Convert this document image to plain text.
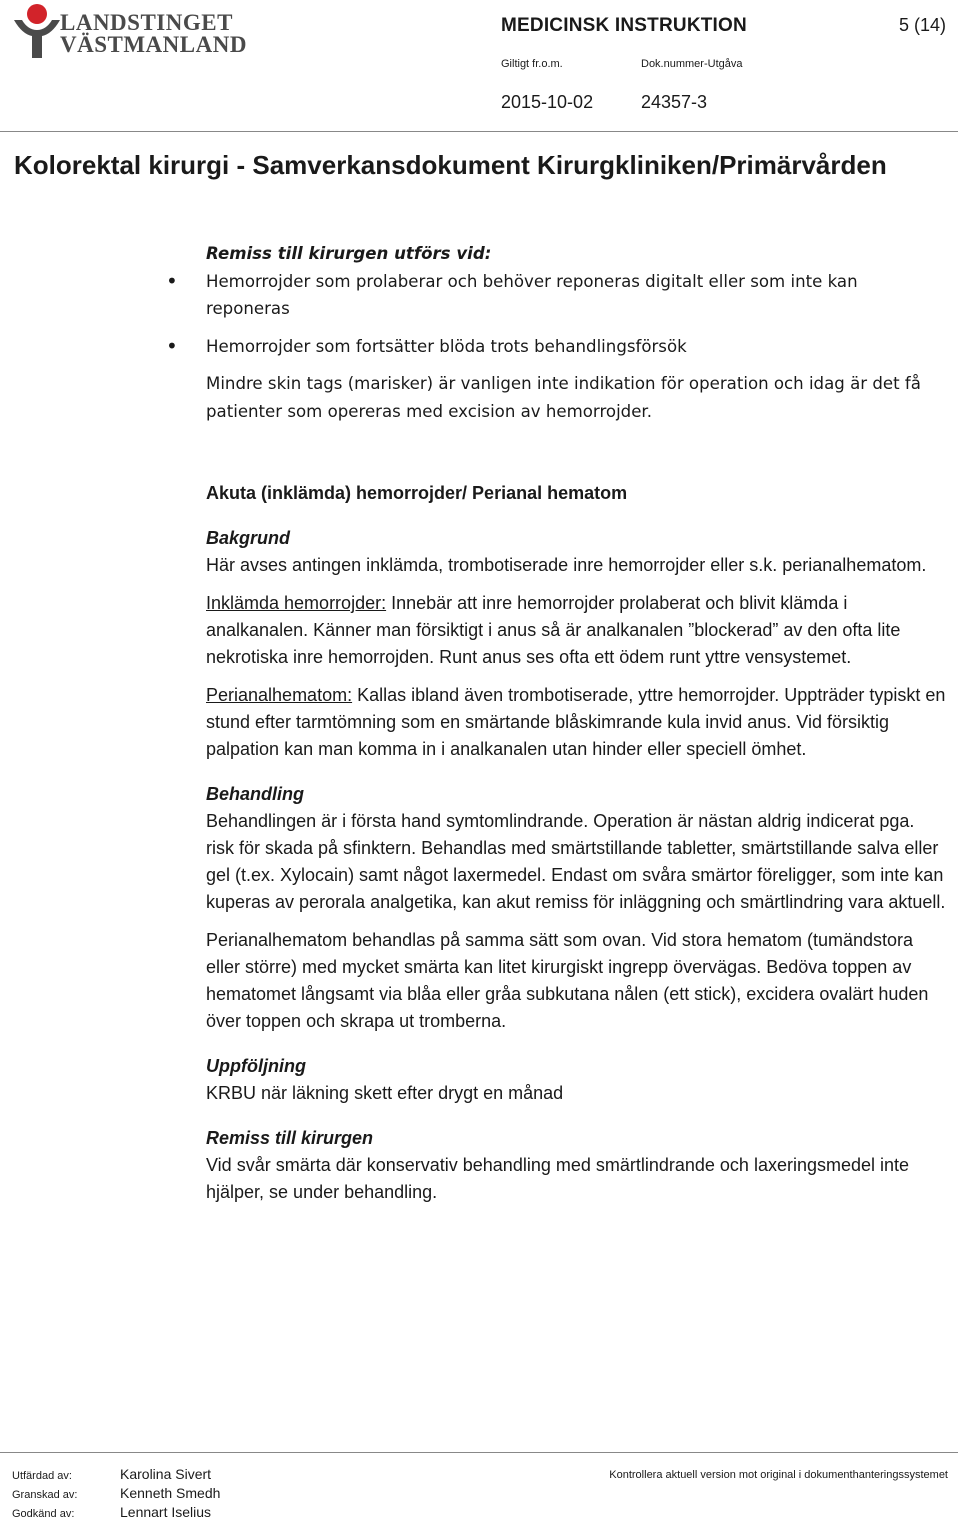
LANDSTINGET
VÄSTMANLAND
MEDICINSK INSTRUKTION	5 (14)
Giltigt fr.o.m.	Dok.nummer-Utgåva
2015-10-02	24357-3
Kolorektal kirurgi - Samverkansdokument Kirurgkliniken/Primärvården
Remiss till kirurgen utförs vid:
• Hemorrojder som prolaberar och behöver reponeras digitalt eller som inte kan reponeras
• Hemorrojder som fortsätter blöda trots behandlingsförsök
Mindre skin tags (marisker) är vanligen inte indikation för operation och idag är det få patienter som opereras med excision av hemorrojder.
Akuta (inklämda) hemorrojder/ Perianal hematom
Bakgrund
Här avses antingen inklämda, trombotiserade inre hemorrojder eller s.k. perianalhematom.
Inklämda hemorrojder: Innebär att inre hemorrojder prolaberat och blivit klämda i analkanalen. Känner man försiktigt i anus så är analkanalen ”blockerad” av den ofta lite nekrotiska inre hemorrojden. Runt anus ses ofta ett ödem runt yttre vensystemet.
Perianalhematom: Kallas ibland även trombotiserade, yttre hemorrojder. Uppträder typiskt en stund efter tarmtömning som en smärtande blåskimrande kula invid anus. Vid försiktig palpation kan man komma in i analkanalen utan hinder eller speciell ömhet.
Behandling
Behandlingen är i första hand symtomlindrande. Operation är nästan aldrig indicerat pga. risk för skada på sfinktern. Behandlas med smärtstillande tabletter, smärtstillande salva eller gel (t.ex. Xylocain) samt något laxermedel. Endast om svåra smärtor föreligger, som inte kan kuperas av perorala analgetika, kan akut remiss för inläggning och smärtlindring vara aktuell.
Perianalhematom behandlas på samma sätt som ovan. Vid stora hematom (tumändstora eller större) med mycket smärta kan litet kirurgiskt ingrepp övervägas. Bedöva toppen av hematomet långsamt via blåa eller gråa subkutana nålen (ett stick), excidera ovalärt huden över toppen och skrapa ut tromberna.
Uppföljning
KRBU när läkning skett efter drygt en månad
Remiss till kirurgen
Vid svår smärta där konservativ behandling med smärtlindrande och laxeringsmedel inte hjälper, se under behandling.
Utfärdad av:	Karolina Sivert
Granskad av:	Kenneth Smedh
Godkänd av:	Lennart Iselius
Kontrollera aktuell version mot original i dokumenthanteringssystemet
